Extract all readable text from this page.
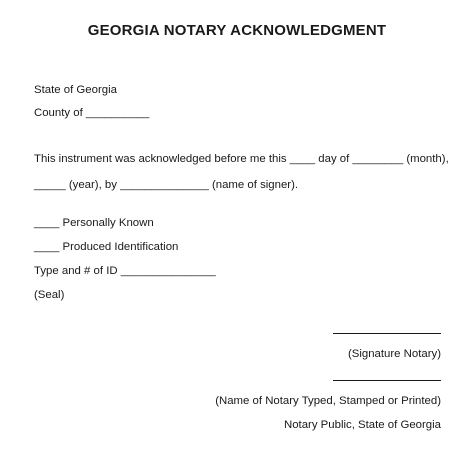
GEORGIA NOTARY ACKNOWLEDGMENT
State of Georgia
County of __________
This instrument was acknowledged before me this ____ day of ________ (month),
_____ (year), by ______________ (name of signer).
____ Personally Known
____ Produced Identification
Type and # of ID _______________
(Seal)
(Signature Notary)
(Name of Notary Typed, Stamped or Printed)
Notary Public, State of Georgia
